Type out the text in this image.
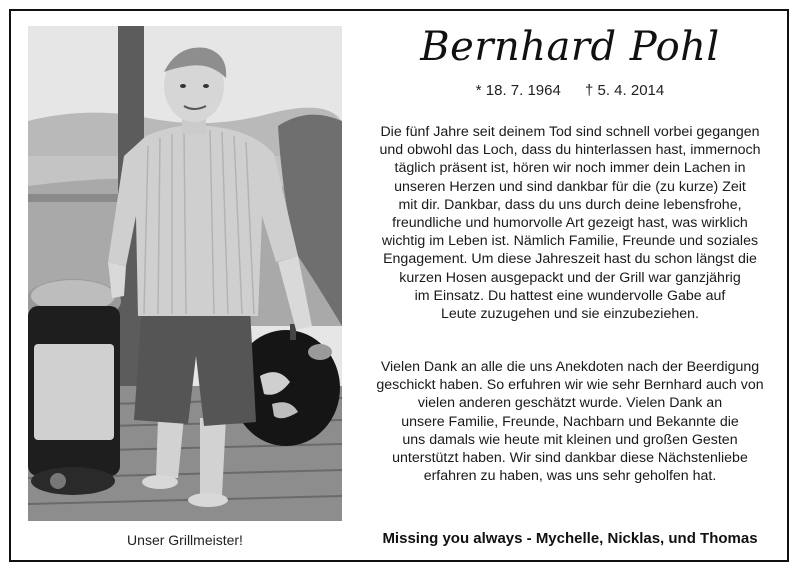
Unser Grillmeister!
Bernhard Pohl
* 18. 7. 1964 † 5. 4. 2014

Die fünf Jahre seit deinem Tod sind schnell vorbei gegangen
und obwohl das Loch, dass du hinterlassen hast, immernoch
täglich präsent ist, hören wir noch immer dein Lachen in
unseren Herzen und sind dankbar für die (zu kurze) Zeit
mit dir. Dankbar, dass du uns durch deine lebensfrohe,
freundliche und humorvolle Art gezeigt hast, was wirklich
wichtig im Leben ist. Nämlich Familie, Freunde und soziales
Engagement. Um diese Jahreszeit hast du schon längst die
kurzen Hosen ausgepackt und der Grill war ganzjährig
im Einsatz. Du hattest eine wundervolle Gabe auf
Leute zuzugehen und sie einzubeziehen.

Vielen Dank an alle die uns Anekdoten nach der Beerdigung
geschickt haben. So erfuhren wir wie sehr Bernhard auch von
vielen anderen geschätzt wurde. Vielen Dank an
unsere Familie, Freunde, Nachbarn und Bekannte die
uns damals wie heute mit kleinen und großen Gesten
unterstützt haben. Wir sind dankbar diese Nächstenliebe
erfahren zu haben, was uns sehr geholfen hat.

Missing you always - Mychelle, Nicklas, und Thomas
